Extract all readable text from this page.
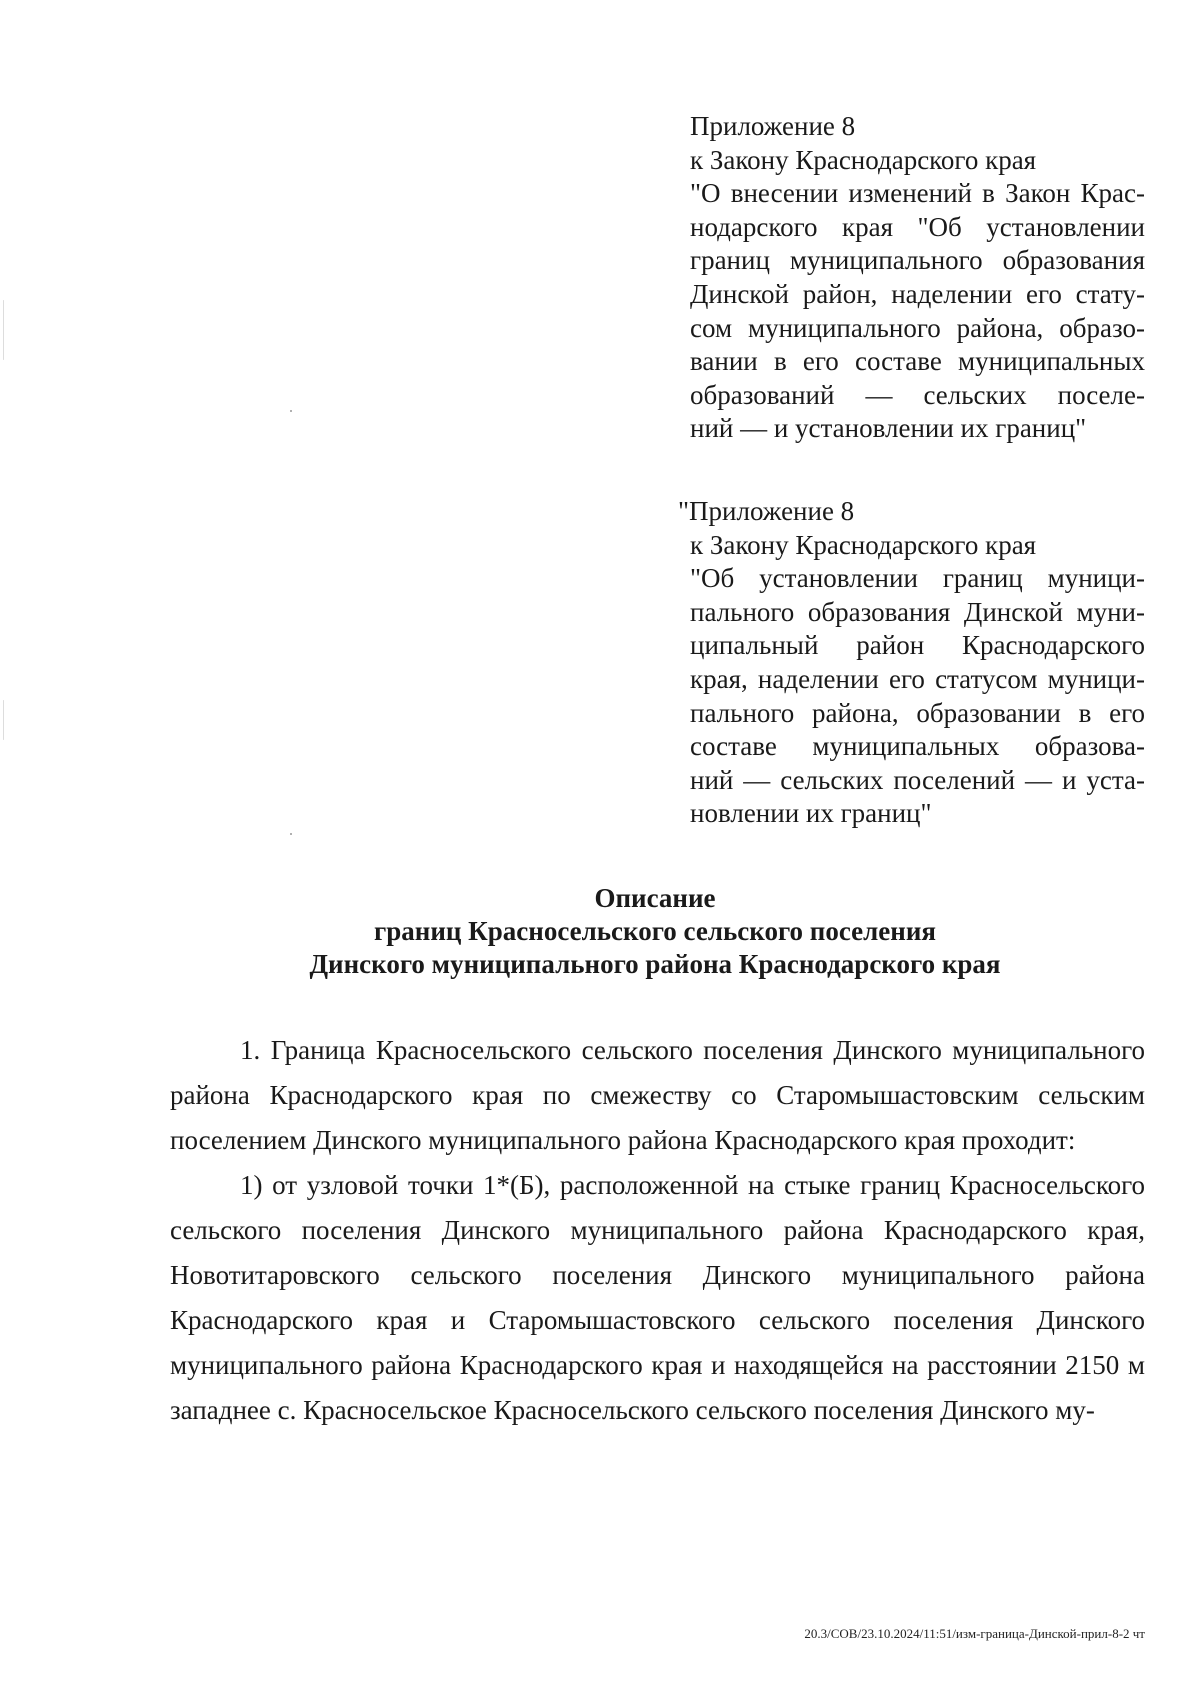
Приложение 8
к Закону Краснодарского края
"О внесении изменений в Закон Крас-
нодарского края "Об установлении
границ муниципального образования
Динской район, наделении его стату-
сом муниципального района, образо-
вании в его составе муниципальных
образований — сельских поселе-
ний — и установлении их границ"
"Приложение 8
к Закону Краснодарского края
"Об установлении границ муници-
пального образования Динской муни-
ципальный район Краснодарского
края, наделении его статусом муници-
пального района, образовании в его
составе муниципальных образова-
ний — сельских поселений — и уста-
новлении их границ"
Описание
границ Красносельского сельского поселения
Динского муниципального района Краснодарского края

1. Граница Красносельского сельского поселения Динского муниципального района Краснодарского края по смежеству со Старомышастовским сельским поселением Динского муниципального района Краснодарского края проходит:

1) от узловой точки 1*(Б), расположенной на стыке границ Красносельского сельского поселения Динского муниципального района Краснодарского края, Новотитаровского сельского поселения Динского муниципального района Краснодарского края и Старомышастовского сельского поселения Динского муниципального района Краснодарского края и находящейся на расстоянии 2150 м западнее с. Красносельское Красносельского сельского поселения Динского му-

20.3/СОВ/23.10.2024/11:51/изм-граница-Динской-прил-8-2 чт
